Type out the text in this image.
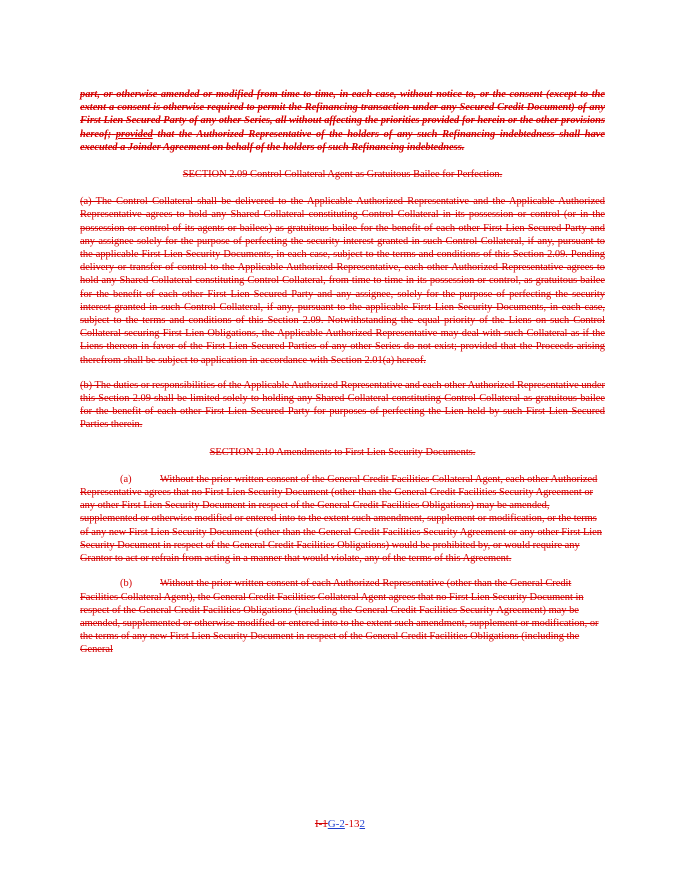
part, or otherwise amended or modified from time to time, in each case, without notice to, or the consent (except to the extent a consent is otherwise required to permit the Refinancing transaction under any Secured Credit Document) of any First Lien Secured Party of any other Series, all without affecting the priorities provided for herein or the other provisions hereof; provided that the Authorized Representative of the holders of any such Refinancing indebtedness shall have executed a Joinder Agreement on behalf of the holders of such Refinancing indebtedness.

SECTION 2.09 Control Collateral Agent as Gratuitous Bailee for Perfection.

(a) The Control Collateral shall be delivered to the Applicable Authorized Representative and the Applicable Authorized Representative agrees to hold any Shared Collateral constituting Control Collateral in its possession or control (or in the possession or control of its agents or bailees) as gratuitous bailee for the benefit of each other First Lien Secured Party and any assignee solely for the purpose of perfecting the security interest granted in such Control Collateral, if any, pursuant to the applicable First Lien Security Documents, in each case, subject to the terms and conditions of this Section 2.09. Pending delivery or transfer of control to the Applicable Authorized Representative, each other Authorized Representative agrees to hold any Shared Collateral constituting Control Collateral, from time to time in its possession or control, as gratuitous bailee for the benefit of each other First Lien Secured Party and any assignee, solely for the purpose of perfecting the security interest granted in such Control Collateral, if any, pursuant to the applicable First Lien Security Documents, in each case, subject to the terms and conditions of this Section 2.09. Notwithstanding the equal priority of the Liens on such Control Collateral securing First Lien Obligations, the Applicable Authorized Representative may deal with such Collateral as if the Liens thereon in favor of the First Lien Secured Parties of any other Series do not exist; provided that the Proceeds arising therefrom shall be subject to application in accordance with Section 2.01(a) hereof.

(b) The duties or responsibilities of the Applicable Authorized Representative and each other Authorized Representative under this Section 2.09 shall be limited solely to holding any Shared Collateral constituting Control Collateral as gratuitous bailee for the benefit of each other First Lien Secured Party for purposes of perfecting the Lien held by such First Lien Secured Parties therein.

SECTION 2.10 Amendments to First Lien Security Documents.

(a)	Without the prior written consent of the General Credit Facilities Collateral Agent, each other Authorized Representative agrees that no First Lien Security Document (other than the General Credit Facilities Security Agreement or any other First Lien Security Document in respect of the General Credit Facilities Obligations) may be amended, supplemented or otherwise modified or entered into to the extent such amendment, supplement or modification, or the terms of any new First Lien Security Document (other than the General Credit Facilities Security Agreement or any other First Lien Security Document in respect of the General Credit Facilities Obligations) would be prohibited by, or would require any Grantor to act or refrain from acting in a manner that would violate, any of the terms of this Agreement.

(b)	Without the prior written consent of each Authorized Representative (other than the General Credit Facilities Collateral Agent), the General Credit Facilities Collateral Agent agrees that no First Lien Security Document in respect of the General Credit Facilities Obligations (including the General Credit Facilities Security Agreement) may be amended, supplemented or otherwise modified or entered into to the extent such amendment, supplement or modification, or the terms of any new First Lien Security Document in respect of the General Credit Facilities Obligations (including the General

I-1G-2-132
